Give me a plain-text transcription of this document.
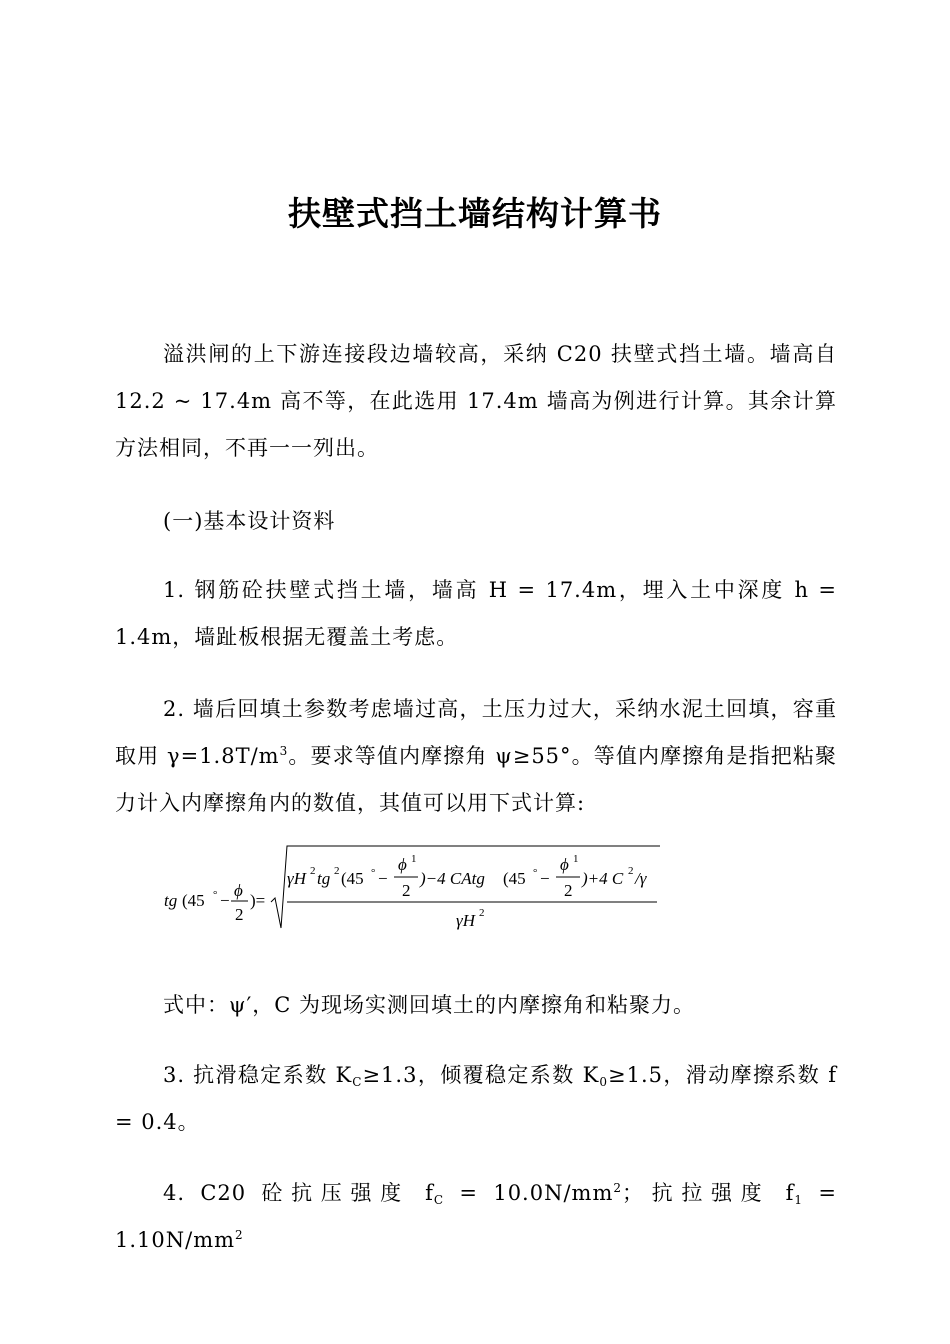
扶壁式挡土墙结构计算书
溢洪闸的上下游连接段边墙较高，采纳 C20 扶壁式挡土墙。墙高自 12.2 ~ 17.4m 高不等，在此选用 17.4m 墙高为例进行计算。其余计算方法相同，不再一一列出。
(一)基本设计资料
1. 钢筋砼扶壁式挡土墙，墙高 H = 17.4m，埋入土中深度 h = 1.4m，墙趾板根据无覆盖土考虑。
2. 墙后回填土参数考虑墙过高，土压力过大，采纳水泥土回填，容重取用 $\gamma=1.8T/m^3$。要求等值内摩擦角 ψ≥55°。等值内摩擦角是指把粘聚力计入内摩擦角内的数值，其值可以用下式计算:
tg (45 ° −
ϕ
2
)=
γH 2 tg 2 (45 ° −
ϕ 1
2
)−4 CAtg (45 ° −
ϕ 1
2
)+4 C 2 /γ
γH 2
式中：ψ′，C 为现场实测回填土的内摩擦角和粘聚力。
3. 抗滑稳定系数 $K_C\ge 1.3$，倾覆稳定系数 $K_0\ge 1.5$，滑动摩擦系数 f = 0.4。
4. C20 砼抗压强度 $f_C = 10.0N/mm^2$；抗拉强度 $f_1 = 1.10N/mm^2$
